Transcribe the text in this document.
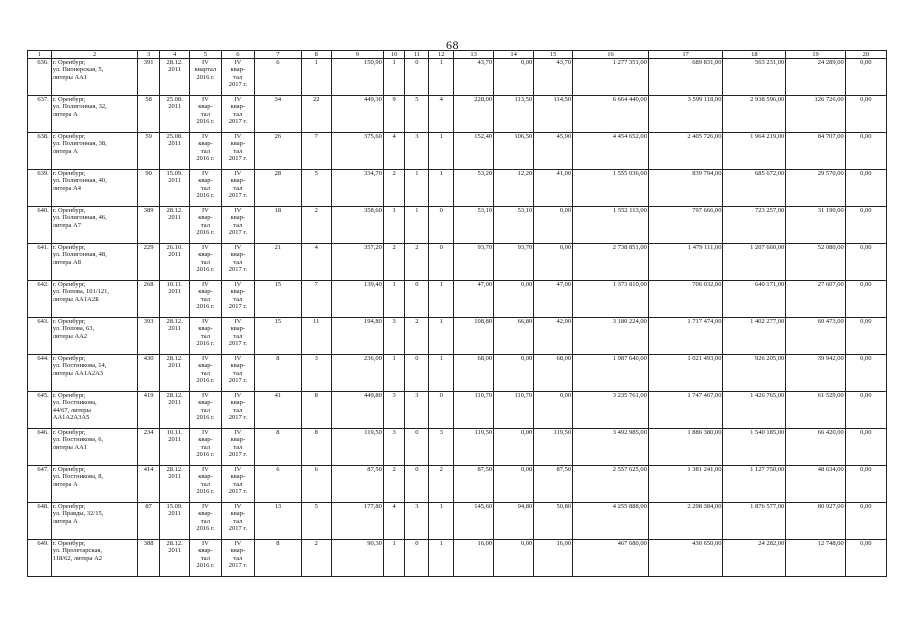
68
1	2	3	4	5	6	7	8	9	10	11	12	13	14	15	16	17	18	19	20
636.	г. Оренбург,
ул. Пионерская, 5,
литеры АА1	391	28.12.
2011	IV
квартал
2016 г.	IV
квар-
тал
2017 г.	6	1	150,90	1	0	1	43,70	0,00	43,70	1 277 351,00	689 831,00	563 231,00	24 289,00	0,00
637.	г. Оренбург,
ул. Полигонная, 32,
литера А	58	25.08.
2011	IV
квар-
тал
2016 г.	IV
квар-
тал
2017 г.	34	22	449,30	9	5	4	228,00	113,50	114,50	6 664 440,00	3 599 118,00	2 938 596,00	126 726,00	0,00
638.	г. Оренбург,
ул. Полигонная, 38,
литера А	59	25.08.
2011	IV
квар-
тал
2016 г.	IV
квар-
тал
2017 г.	26	7	375,60	4	3	1	152,40	106,50	45,90	4 454 652,00	2 405 726,00	1 964 219,00	84 707,00	0,00
639.	г. Оренбург,
ул. Полигонная, 40,
литера А4	90	15.09.
2011	IV
квар-
тал
2016 г.	IV
квар-
тал
2017 г.	28	5	334,70	2	1	1	53,20	12,20	41,00	1 555 036,00	839 794,00	685 672,00	29 570,00	0,00
640.	г. Оренбург,
ул. Полигонная, 46,
литера А7	389	28.12.
2011	IV
квар-
тал
2016 г.	IV
квар-
тал
2017 г.	18	2	358,60	1	1	0	53,10	53,10	0,00	1 552 113,00	797 666,00	723 257,00	31 190,00	0,00
641.	г. Оренбург,
ул. Полигонная, 48,
литера А8	229	26.10.
2011	IV
квар-
тал
2016 г.	IV
квар-
тал
2017 г.	21	4	357,20	2	2	0	93,70	93,70	0,00	2 738 851,00	1 479 111,00	1 207 660,00	52 080,00	0,00
642.	г. Оренбург,
ул. Попова, 101/121,
литеры АА1А2Б	268	10.11.
2011	IV
квар-
тал
2016 г.	IV
квар-
тал
2017 г.	15	7	139,40	1	0	1	47,00	0,00	47,00	1 373 810,00	706 032,00	640 171,00	27 607,00	0,00
643.	г. Оренбург,
ул. Попова, 63,
литеры АА2	393	28.12.
2011	IV
квар-
тал
2016 г.	IV
квар-
тал
2017 г.	15	11	194,80	3	2	1	108,80	66,80	42,00	3 180 224,00	1 717 474,00	1 402 277,00	60 473,00	0,00
644.	г. Оренбург,
ул. Постникова, 14,
литеры АА1А2А3	430	28.12.
2011	IV
квар-
тал
2016 г.	IV
квар-
тал
2017 г.	8	3	236,00	1	0	1	68,00	0,00	68,00	1 987 640,00	1 021 493,00	926 205,00	39 942,00	0,00
645.	г. Оренбург,
ул. Постникова,
44/67, литеры
АА1А2А3А5	419	28.12.
2011	IV
квар-
тал
2016 г.	IV
квар-
тал
2017 г.	41	8	449,80	3	3	0	110,70	110,70	0,00	3 235 761,00	1 747 467,00	1 426 765,00	61 529,00	0,00
646.	г. Оренбург,
ул. Постникова, 6,
литеры АА1	234	10.11.
2011	IV
квар-
тал
2016 г.	IV
квар-
тал
2017 г.	8	8	119,50	3	0	3	119,50	0,00	119,50	3 492 985,00	1 886 380,00	1 540 185,00	66 420,00	0,00
647.	г. Оренбург,
ул. Постникова, 8,
литера А	414	28.12.
2011	IV
квар-
тал
2016 г.	IV
квар-
тал
2017 г.	6	6	87,50	2	0	2	87,50	0,00	87,50	2 557 625,00	1 381 241,00	1 127 750,00	48 634,00	0,00
648.	г. Оренбург,
ул. Правды, 32/15,
литера А	87	15.09.
2011	IV
квар-
тал
2016 г.	IV
квар-
тал
2017 г.	13	5	177,80	4	3	1	145,60	94,80	50,80	4 255 888,00	2 298 384,00	1 876 577,00	80 927,00	0,00
649.	г. Оренбург,
ул. Пролетарская,
118/62, литера А2	388	28.12.
2011	IV
квар-
тал
2016 г.	IV
квар-
тал
2017 г.	8	2	90,30	1	0	1	16,00	0,00	16,00	467 680,00	430 650,00	24 282,00	12 748,00	0,00
